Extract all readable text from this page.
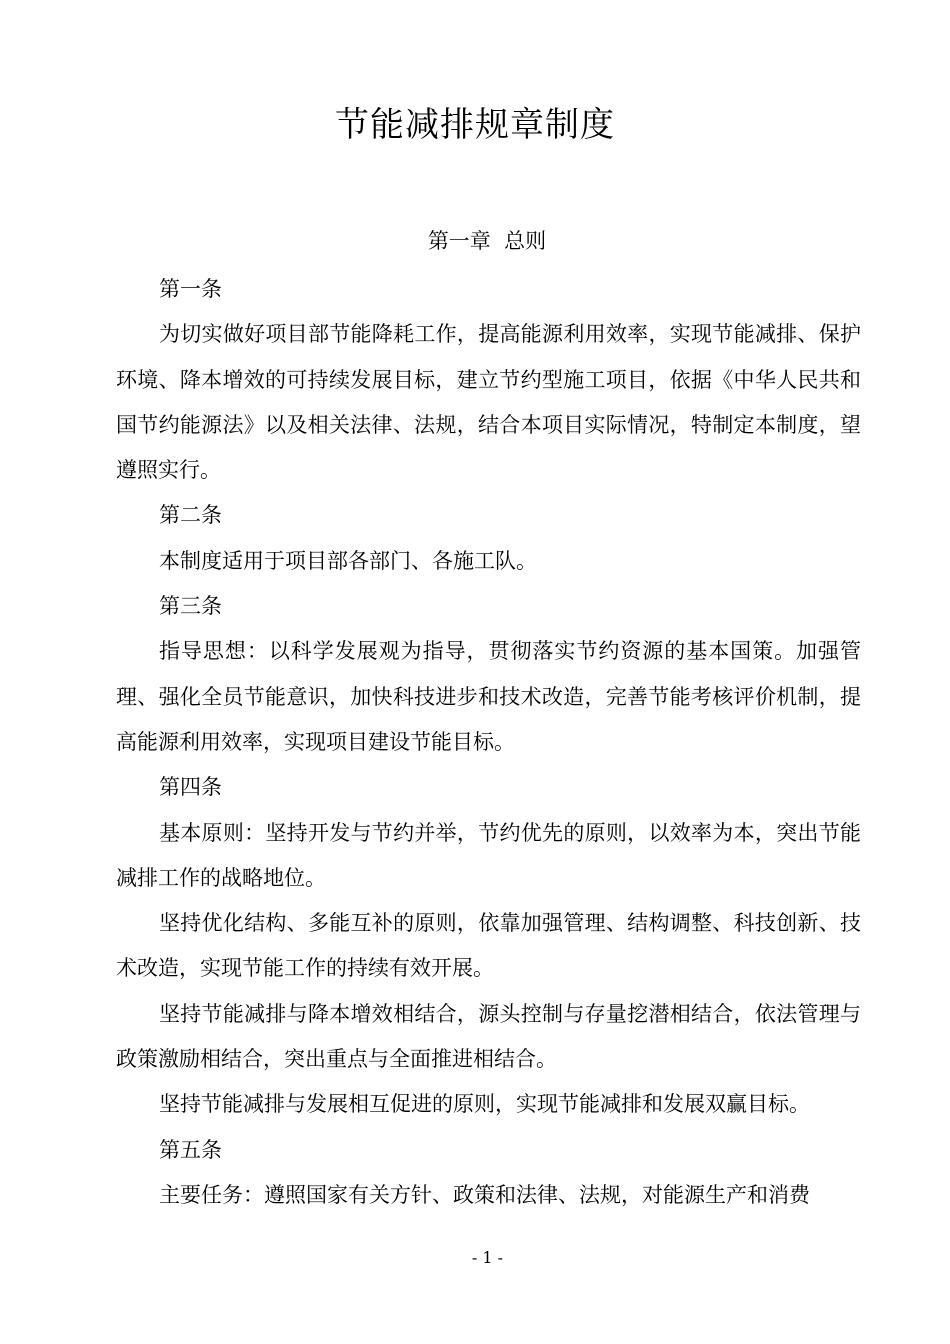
节能减排规章制度
第一章  总则

第一条

为切实做好项目部节能降耗工作，提高能源利用效率，实现节能减排、保护环境、降本增效的可持续发展目标，建立节约型施工项目，依据《中华人民共和国节约能源法》以及相关法律、法规，结合本项目实际情况，特制定本制度，望遵照实行。

第二条

本制度适用于项目部各部门、各施工队。

第三条

指导思想：以科学发展观为指导，贯彻落实节约资源的基本国策。加强管理、强化全员节能意识，加快科技进步和技术改造，完善节能考核评价机制，提高能源利用效率，实现项目建设节能目标。

第四条

基本原则：坚持开发与节约并举，节约优先的原则，以效率为本，突出节能减排工作的战略地位。

坚持优化结构、多能互补的原则，依靠加强管理、结构调整、科技创新、技术改造，实现节能工作的持续有效开展。

坚持节能减排与降本增效相结合，源头控制与存量挖潜相结合，依法管理与政策激励相结合，突出重点与全面推进相结合。

坚持节能减排与发展相互促进的原则，实现节能减排和发展双赢目标。

第五条

主要任务：遵照国家有关方针、政策和法律、法规，对能源生产和消费

- 1 -
